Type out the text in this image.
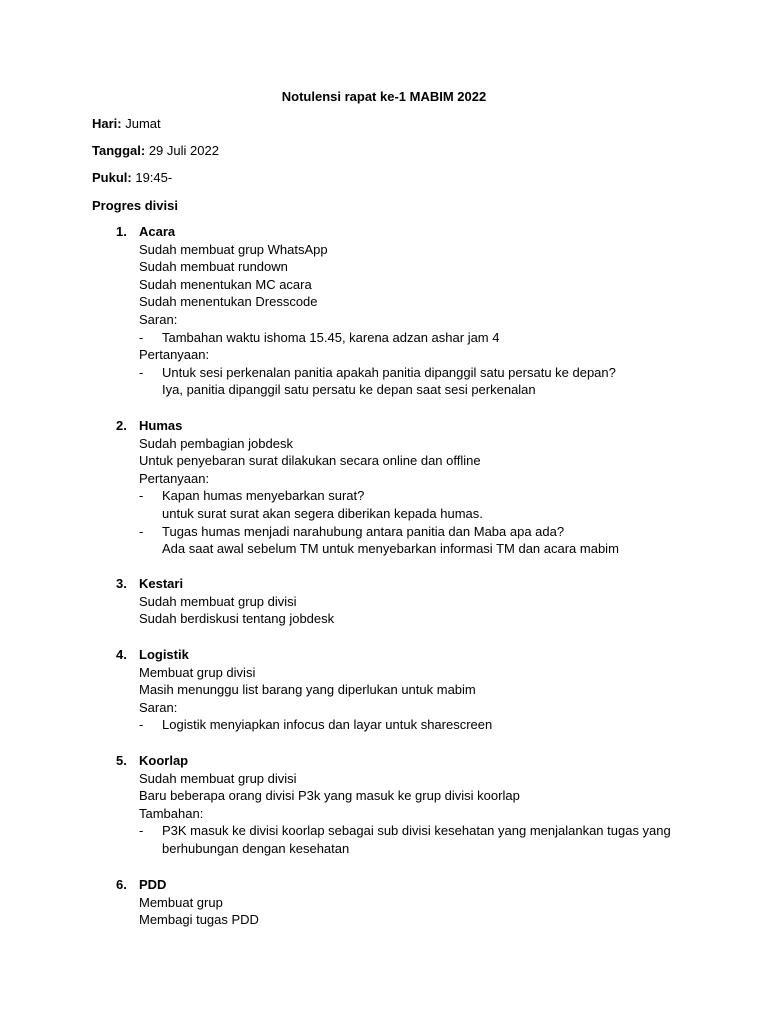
Notulensi rapat ke-1 MABIM 2022
Hari: Jumat
Tanggal: 29 Juli 2022
Pukul: 19:45-
Progres divisi
1. Acara
Sudah membuat grup WhatsApp
Sudah membuat rundown
Sudah menentukan MC acara
Sudah menentukan Dresscode
Saran:
- Tambahan waktu ishoma 15.45, karena adzan ashar jam 4
Pertanyaan:
- Untuk sesi perkenalan panitia apakah panitia dipanggil satu persatu ke depan?
Iya, panitia dipanggil satu persatu ke depan saat sesi perkenalan
2. Humas
Sudah pembagian jobdesk
Untuk penyebaran surat dilakukan secara online dan offline
Pertanyaan:
- Kapan humas menyebarkan surat?
untuk surat surat akan segera diberikan kepada humas.
- Tugas humas menjadi narahubung antara panitia dan Maba apa ada?
Ada saat awal sebelum TM untuk menyebarkan informasi TM dan acara mabim
3. Kestari
Sudah membuat grup divisi
Sudah berdiskusi tentang jobdesk
4. Logistik
Membuat grup divisi
Masih menunggu list barang yang diperlukan untuk mabim
Saran:
- Logistik menyiapkan infocus dan layar untuk sharescreen
5. Koorlap
Sudah membuat grup divisi
Baru beberapa orang divisi P3k yang masuk ke grup divisi koorlap
Tambahan:
- P3K masuk ke divisi koorlap sebagai sub divisi kesehatan yang menjalankan tugas yang berhubungan dengan kesehatan
6. PDD
Membuat grup
Membagi tugas PDD
